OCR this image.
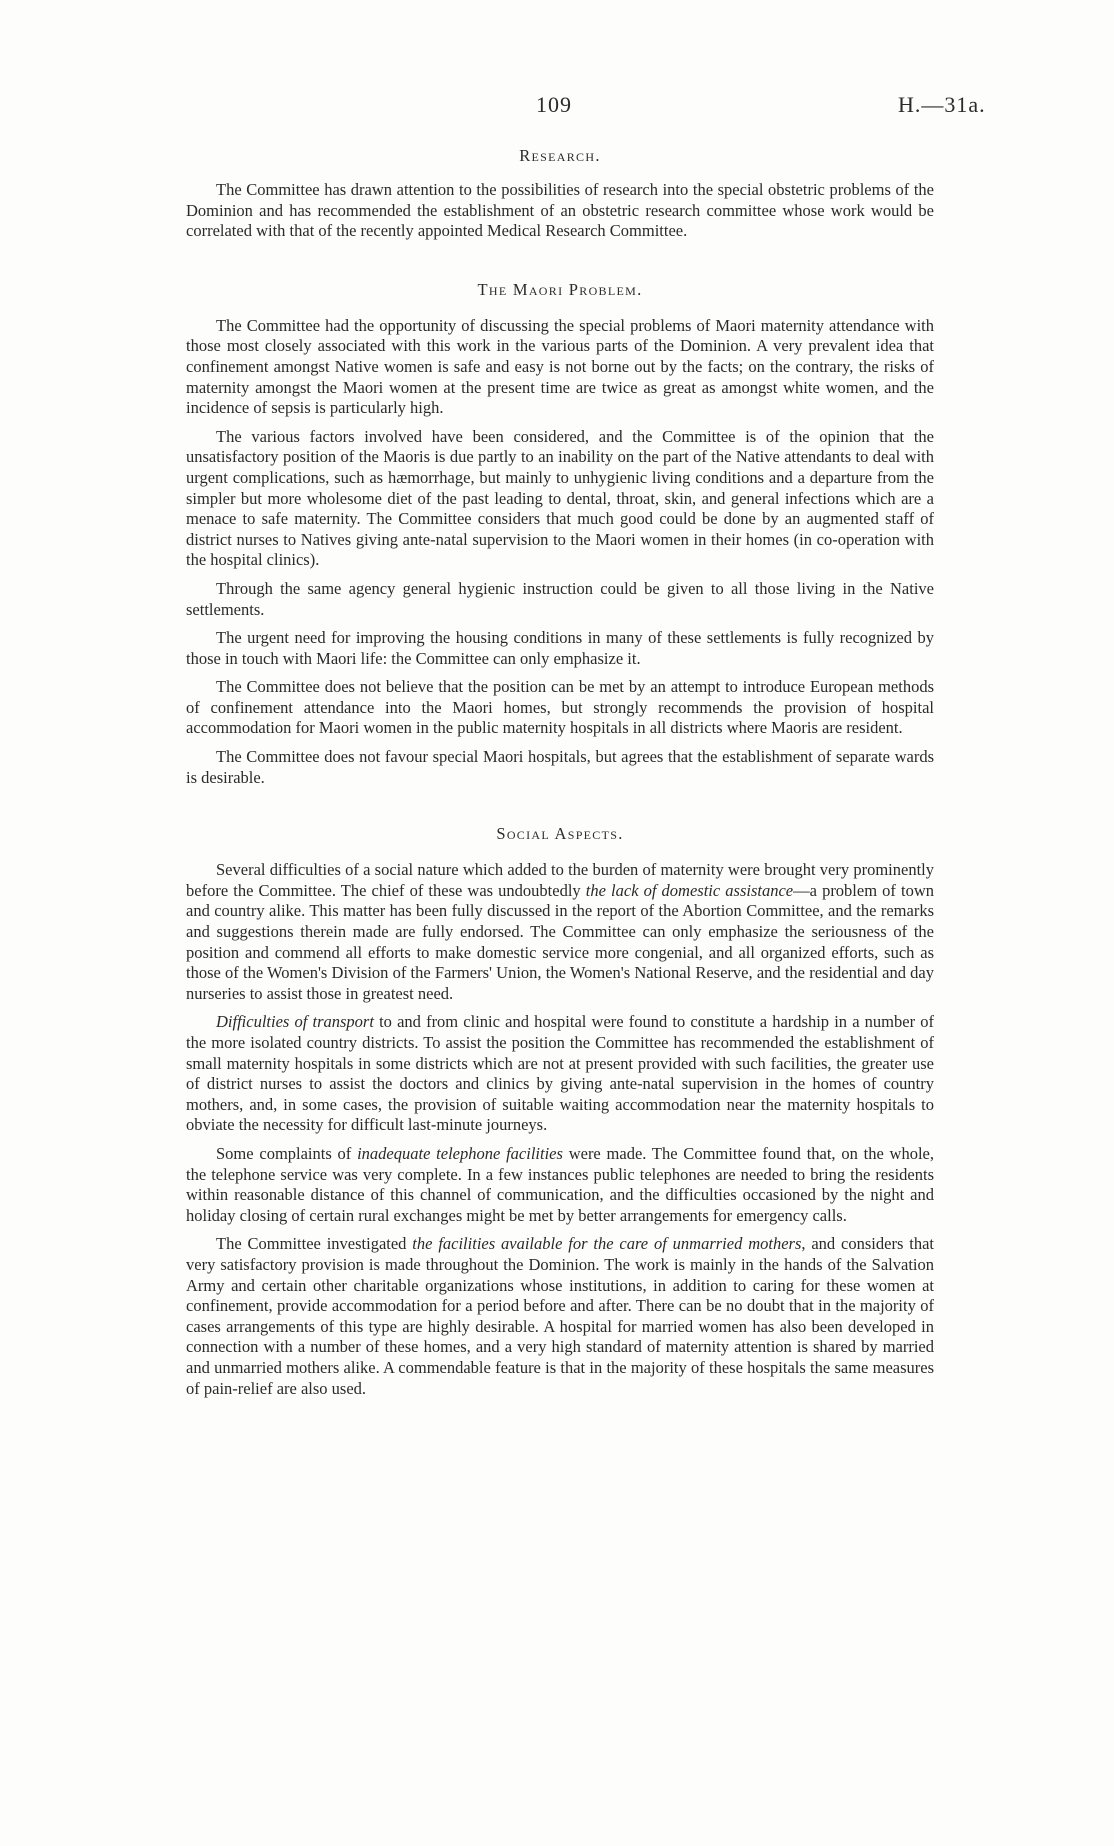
109	H.—31a.
Research.

The Committee has drawn attention to the possibilities of research into the special obstetric problems of the Dominion and has recommended the establishment of an obstetric research committee whose work would be correlated with that of the recently appointed Medical Research Committee.

The Maori Problem.

The Committee had the opportunity of discussing the special problems of Maori maternity attendance with those most closely associated with this work in the various parts of the Dominion. A very prevalent idea that confinement amongst Native women is safe and easy is not borne out by the facts; on the contrary, the risks of maternity amongst the Maori women at the present time are twice as great as amongst white women, and the incidence of sepsis is particularly high.

The various factors involved have been considered, and the Committee is of the opinion that the unsatisfactory position of the Maoris is due partly to an inability on the part of the Native attendants to deal with urgent complications, such as hæmorrhage, but mainly to unhygienic living conditions and a departure from the simpler but more wholesome diet of the past leading to dental, throat, skin, and general infections which are a menace to safe maternity. The Committee considers that much good could be done by an augmented staff of district nurses to Natives giving ante-natal supervision to the Maori women in their homes (in co-operation with the hospital clinics).

Through the same agency general hygienic instruction could be given to all those living in the Native settlements.

The urgent need for improving the housing conditions in many of these settlements is fully recognized by those in touch with Maori life: the Committee can only emphasize it.

The Committee does not believe that the position can be met by an attempt to introduce European methods of confinement attendance into the Maori homes, but strongly recommends the provision of hospital accommodation for Maori women in the public maternity hospitals in all districts where Maoris are resident.

The Committee does not favour special Maori hospitals, but agrees that the establishment of separate wards is desirable.

Social Aspects.

Several difficulties of a social nature which added to the burden of maternity were brought very prominently before the Committee. The chief of these was undoubtedly the lack of domestic assistance—a problem of town and country alike. This matter has been fully discussed in the report of the Abortion Committee, and the remarks and suggestions therein made are fully endorsed. The Committee can only emphasize the seriousness of the position and commend all efforts to make domestic service more congenial, and all organized efforts, such as those of the Women's Division of the Farmers' Union, the Women's National Reserve, and the residential and day nurseries to assist those in greatest need.

Difficulties of transport to and from clinic and hospital were found to constitute a hardship in a number of the more isolated country districts. To assist the position the Committee has recommended the establishment of small maternity hospitals in some districts which are not at present provided with such facilities, the greater use of district nurses to assist the doctors and clinics by giving ante-natal supervision in the homes of country mothers, and, in some cases, the provision of suitable waiting accommodation near the maternity hospitals to obviate the necessity for difficult last-minute journeys.

Some complaints of inadequate telephone facilities were made. The Committee found that, on the whole, the telephone service was very complete. In a few instances public telephones are needed to bring the residents within reasonable distance of this channel of communication, and the difficulties occasioned by the night and holiday closing of certain rural exchanges might be met by better arrangements for emergency calls.

The Committee investigated the facilities available for the care of unmarried mothers, and considers that very satisfactory provision is made throughout the Dominion. The work is mainly in the hands of the Salvation Army and certain other charitable organizations whose institutions, in addition to caring for these women at confinement, provide accommodation for a period before and after. There can be no doubt that in the majority of cases arrangements of this type are highly desirable. A hospital for married women has also been developed in connection with a number of these homes, and a very high standard of maternity attention is shared by married and unmarried mothers alike. A commendable feature is that in the majority of these hospitals the same measures of pain-relief are also used.
